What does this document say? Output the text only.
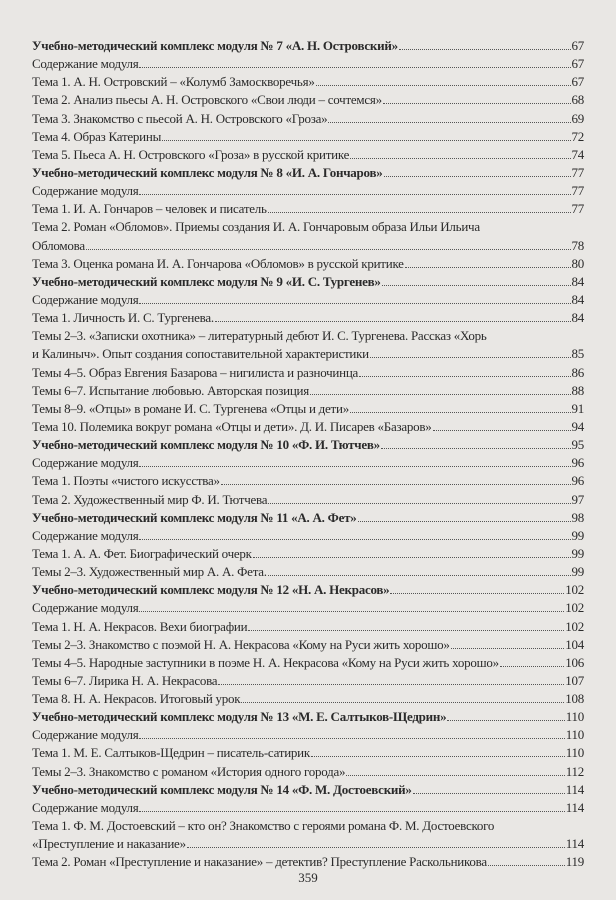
Учебно-методический комплекс модуля № 7 «А. Н. Островский»	67
Содержание модуля	67
Тема 1. А. Н. Островский – «Колумб Замоскворечья»	67
Тема 2. Анализ пьесы А. Н. Островского «Свои люди – сочтемся»	68
Тема 3. Знакомство с пьесой А. Н. Островского «Гроза»	69
Тема 4. Образ Катерины	72
Тема 5. Пьеса А. Н. Островского «Гроза» в русской критике	74
Учебно-методический комплекс модуля № 8 «И. А. Гончаров»	77
Содержание модуля	77
Тема 1. И. А. Гончаров – человек и писатель	77
Тема 2. Роман «Обломов». Приемы создания И. А. Гончаровым образа Ильи Ильича
Обломова	78
Тема 3. Оценка романа И. А. Гончарова «Обломов» в русской критике	80
Учебно-методический комплекс модуля № 9 «И. С. Тургенев»	84
Содержание модуля	84
Тема 1. Личность И. С. Тургенева.	84
Темы 2–3. «Записки охотника» – литературный дебют И. С. Тургенева. Рассказ «Хорь
и Калиныч». Опыт создания сопоставительной характеристики	85
Темы 4–5. Образ Евгения Базарова – нигилиста и разночинца	86
Темы 6–7. Испытание любовью. Авторская позиция	88
Темы 8–9. «Отцы» в романе И. С. Тургенева «Отцы и дети»	91
Тема 10. Полемика вокруг романа «Отцы и дети». Д. И. Писарев «Базаров»	94
Учебно-методический комплекс модуля № 10 «Ф. И. Тютчев»	95
Содержание модуля	96
Тема 1. Поэты «чистого искусства»	96
Тема 2. Художественный мир Ф. И. Тютчева	97
Учебно-методический комплекс модуля № 11 «А. А. Фет»	98
Содержание модуля	99
Тема 1. А. А. Фет. Биографический очерк	99
Темы 2–3. Художественный мир А. А. Фета.	99
Учебно-методический комплекс модуля № 12 «Н. А. Некрасов»	102
Содержание модуля	102
Тема 1. Н. А. Некрасов. Вехи биографии	102
Темы 2–3. Знакомство с поэмой Н. А. Некрасова «Кому на Руси жить хорошо»	104
Темы 4–5. Народные заступники в поэме Н. А. Некрасова «Кому на Руси жить хорошо»	106
Темы 6–7. Лирика Н. А. Некрасова	107
Тема 8. Н. А. Некрасов. Итоговый урок	108
Учебно-методический комплекс модуля № 13 «М. Е. Салтыков-Щедрин»	110
Содержание модуля	110
Тема 1. М. Е. Салтыков-Щедрин – писатель-сатирик	110
Темы 2–3. Знакомство с романом «История одного города»	112
Учебно-методический комплекс модуля № 14 «Ф. М. Достоевский»	114
Содержание модуля	114
Тема 1. Ф. М. Достоевский – кто он? Знакомство с героями романа Ф. М. Достоевского
«Преступление и наказание»	114
Тема 2. Роман «Преступление и наказание» – детектив? Преступление Раскольникова	119
359
